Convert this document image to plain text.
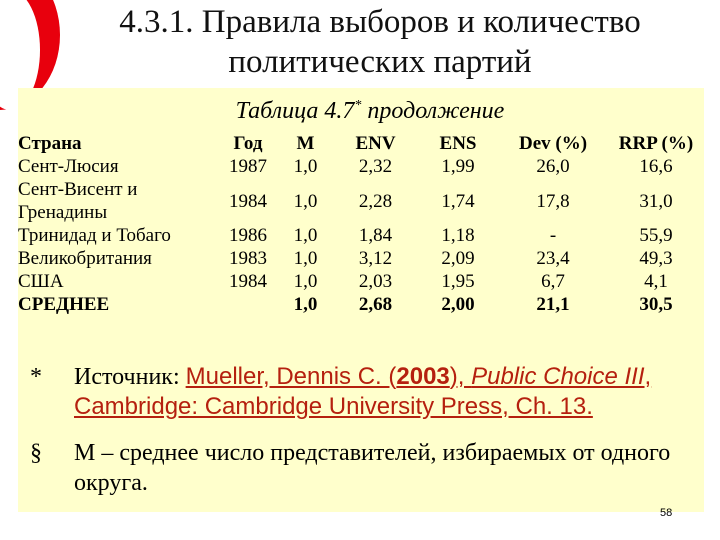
4.3.1. Правила выборов и количество политических партий
Таблица 4.7* продолжение
Страна	Год	M	ENV	ENS	Dev (%)	RRP (%)
Сент-Люсия	1987	1,0	2,32	1,99	26,0	16,6
Сент-Висент и Гренадины	1984	1,0	2,28	1,74	17,8	31,0
Тринидад и Тобаго	1986	1,0	1,84	1,18	-	55,9
Великобритания	1983	1,0	3,12	2,09	23,4	49,3
США	1984	1,0	2,03	1,95	6,7	4,1
СРЕДНЕЕ		1,0	2,68	2,00	21,1	30,5
*	Источник: Mueller, Dennis C. (2003), Public Choice III, Cambridge: Cambridge University Press, Ch. 13.
§	М – среднее число представителей, избираемых от одного округа.
58
